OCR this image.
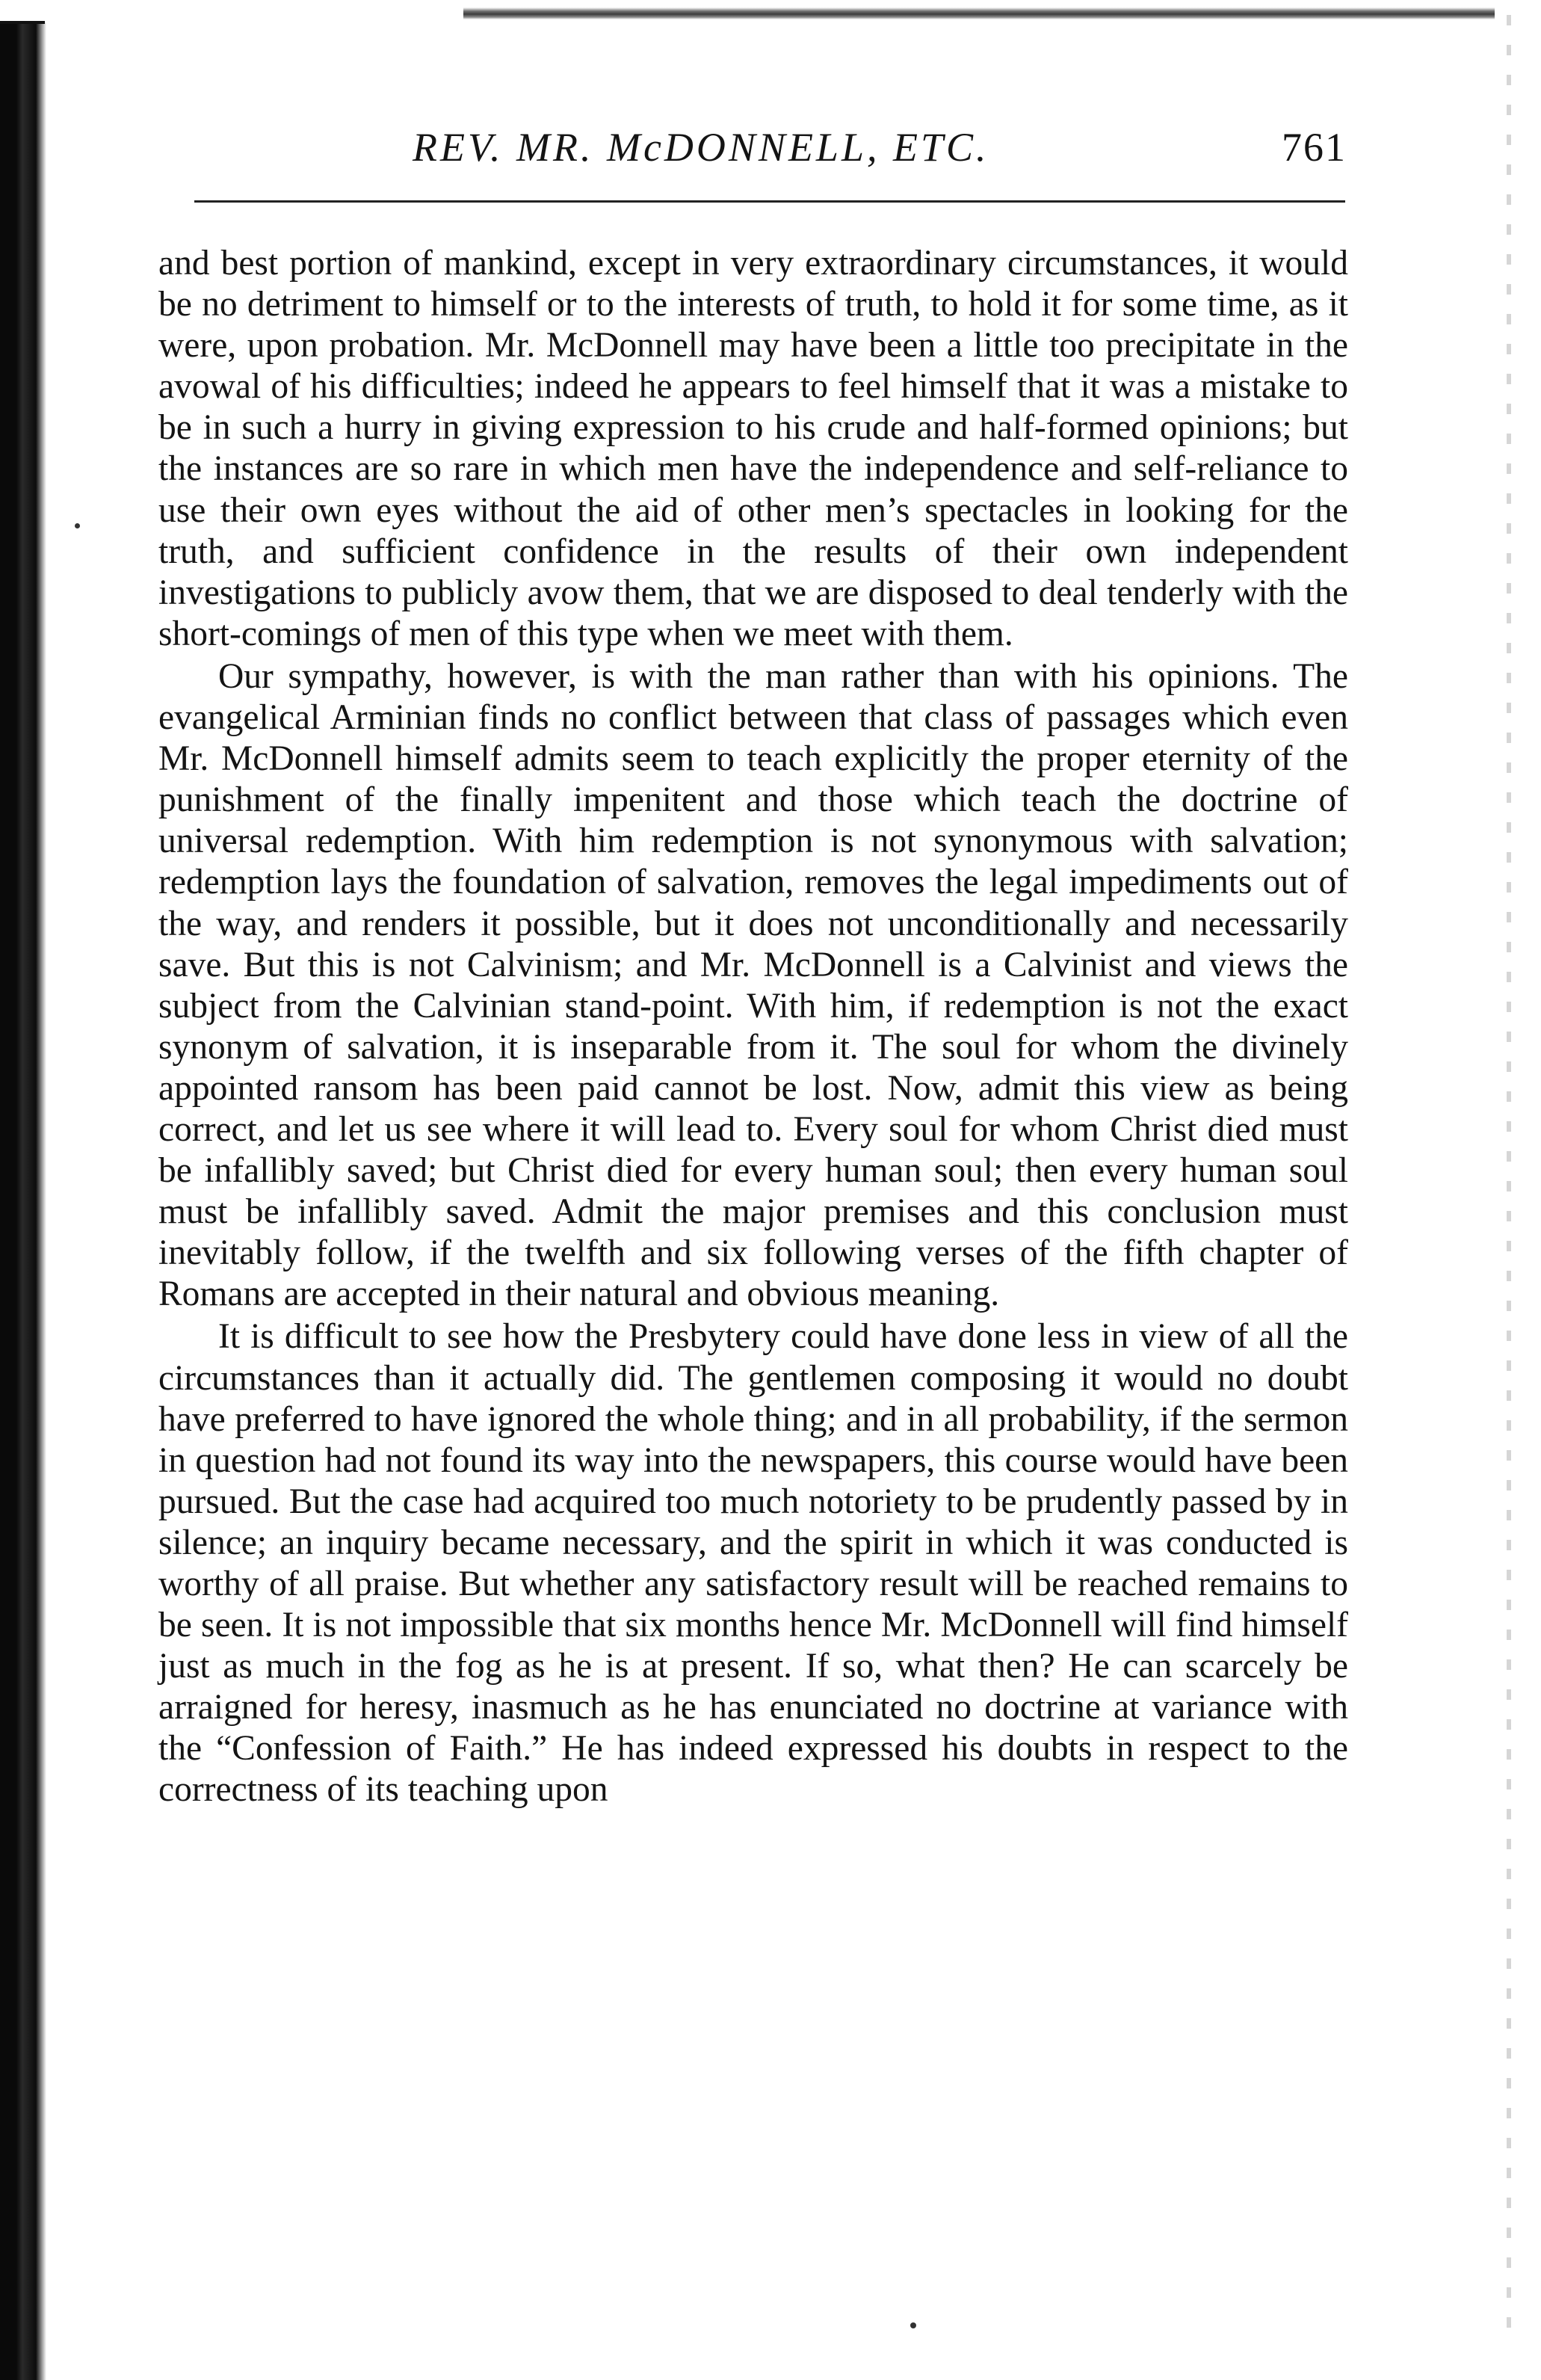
REV. MR. McDONNELL, ETC.	761

and best portion of mankind, except in very extraordinary circumstances, it would be no detriment to himself or to the interests of truth, to hold it for some time, as it were, upon probation. Mr. McDonnell may have been a little too precipitate in the avowal of his difficulties; indeed he appears to feel himself that it was a mistake to be in such a hurry in giving expression to his crude and half-formed opinions; but the instances are so rare in which men have the independence and self-reliance to use their own eyes without the aid of other men’s spectacles in looking for the truth, and sufficient confidence in the results of their own independent investigations to publicly avow them, that we are disposed to deal tenderly with the short-comings of men of this type when we meet with them.

Our sympathy, however, is with the man rather than with his opinions. The evangelical Arminian finds no conflict between that class of passages which even Mr. McDonnell himself admits seem to teach explicitly the proper eternity of the punishment of the finally impenitent and those which teach the doctrine of universal redemption. With him redemption is not synonymous with salvation; redemption lays the foundation of salvation, removes the legal impediments out of the way, and renders it possible, but it does not unconditionally and necessarily save. But this is not Calvinism; and Mr. McDonnell is a Calvinist and views the subject from the Calvinian stand-point. With him, if redemption is not the exact synonym of salvation, it is inseparable from it. The soul for whom the divinely appointed ransom has been paid cannot be lost. Now, admit this view as being correct, and let us see where it will lead to. Every soul for whom Christ died must be infallibly saved; but Christ died for every human soul; then every human soul must be infallibly saved. Admit the major premises and this conclusion must inevitably follow, if the twelfth and six following verses of the fifth chapter of Romans are accepted in their natural and obvious meaning.

It is difficult to see how the Presbytery could have done less in view of all the circumstances than it actually did. The gentlemen composing it would no doubt have preferred to have ignored the whole thing; and in all probability, if the sermon in question had not found its way into the newspapers, this course would have been pursued. But the case had acquired too much notoriety to be prudently passed by in silence; an inquiry became necessary, and the spirit in which it was conducted is worthy of all praise. But whether any satisfactory result will be reached remains to be seen. It is not impossible that six months hence Mr. McDonnell will find himself just as much in the fog as he is at present. If so, what then? He can scarcely be arraigned for heresy, inasmuch as he has enunciated no doctrine at variance with the “Confession of Faith.” He has indeed expressed his doubts in respect to the correctness of its teaching upon
